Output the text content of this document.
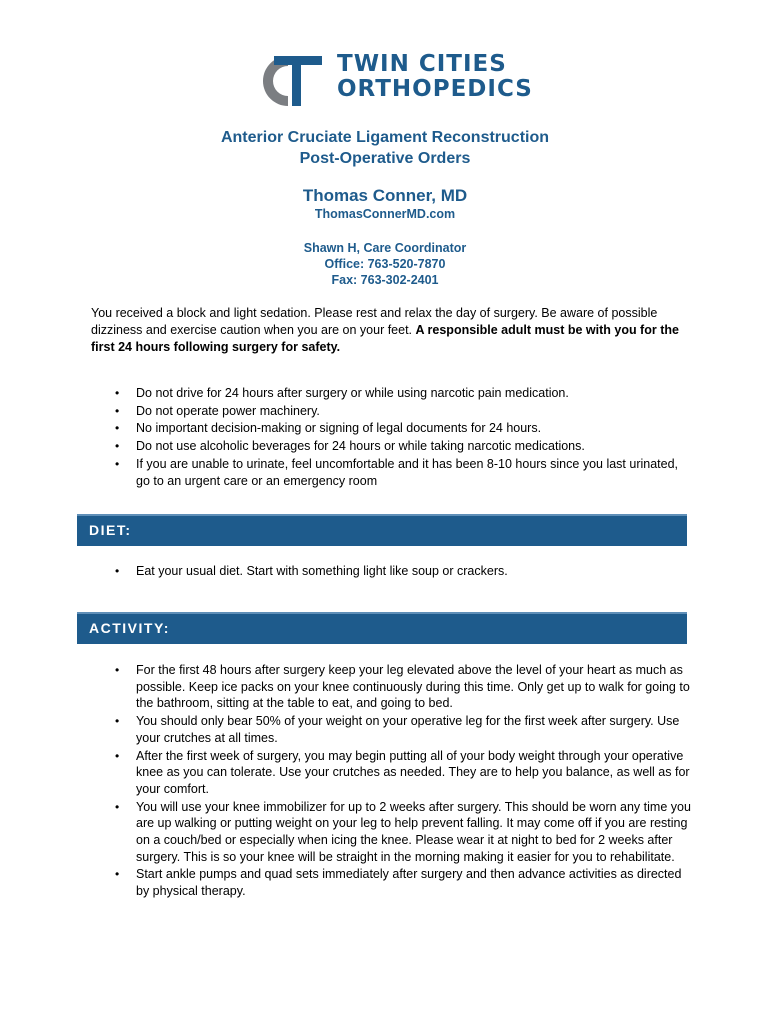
TWIN CITIES
ORTHOPEDICS
Anterior Cruciate Ligament Reconstruction
Post-Operative Orders
Thomas Conner, MD
ThomasConnerMD.com
Shawn H, Care Coordinator
Office: 763-520-7870
Fax: 763-302-2401
You received a block and light sedation. Please rest and relax the day of surgery. Be aware of possible dizziness and exercise caution when you are on your feet. A responsible adult must be with you for the first 24 hours following surgery for safety.
• Do not drive for 24 hours after surgery or while using narcotic pain medication.
• Do not operate power machinery.
• No important decision-making or signing of legal documents for 24 hours.
• Do not use alcoholic beverages for 24 hours or while taking narcotic medications.
• If you are unable to urinate, feel uncomfortable and it has been 8-10 hours since you last urinated, go to an urgent care or an emergency room
DIET:
• Eat your usual diet. Start with something light like soup or crackers.
ACTIVITY:
• For the first 48 hours after surgery keep your leg elevated above the level of your heart as much as possible. Keep ice packs on your knee continuously during this time. Only get up to walk for going to the bathroom, sitting at the table to eat, and going to bed.
• You should only bear 50% of your weight on your operative leg for the first week after surgery. Use your crutches at all times.
• After the first week of surgery, you may begin putting all of your body weight through your operative knee as you can tolerate. Use your crutches as needed. They are to help you balance, as well as for your comfort.
• You will use your knee immobilizer for up to 2 weeks after surgery. This should be worn any time you are up walking or putting weight on your leg to help prevent falling. It may come off if you are resting on a couch/bed or especially when icing the knee. Please wear it at night to bed for 2 weeks after surgery. This is so your knee will be straight in the morning making it easier for you to rehabilitate.
• Start ankle pumps and quad sets immediately after surgery and then advance activities as directed by physical therapy.
